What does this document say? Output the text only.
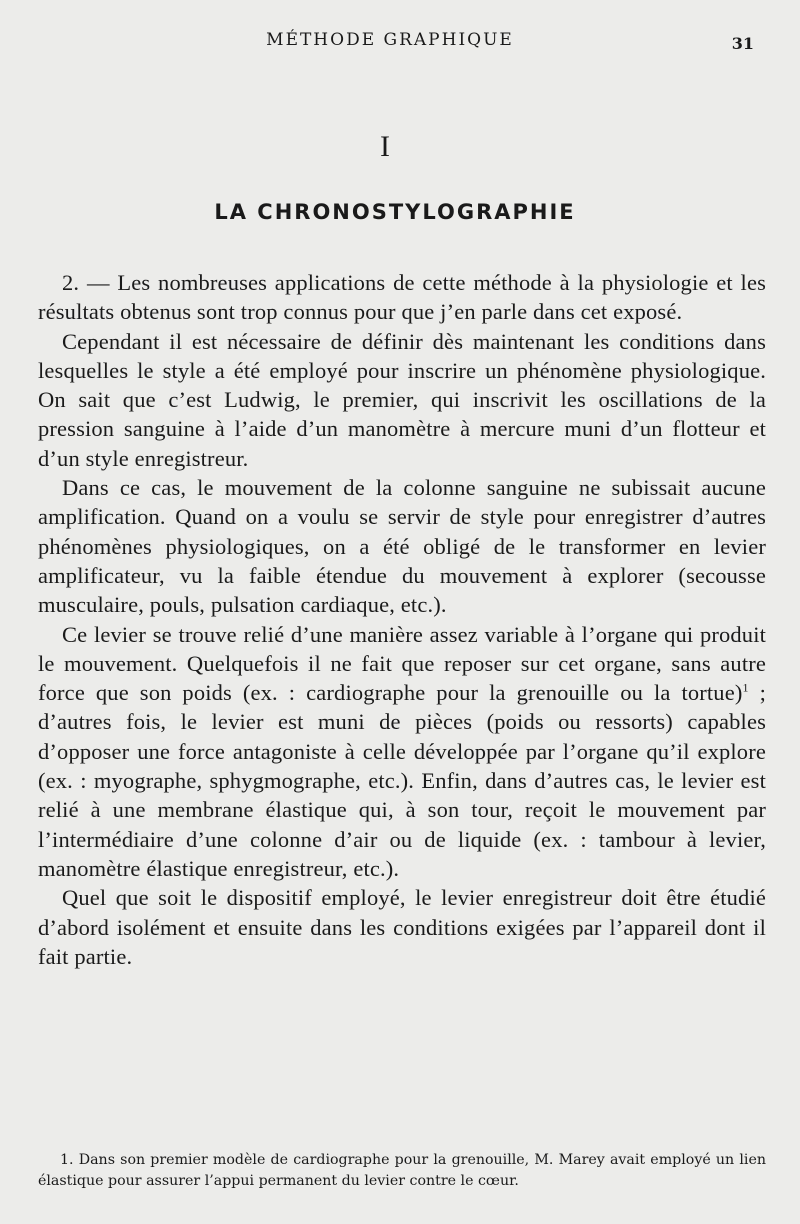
MÉTHODE GRAPHIQUE	31
I
LA CHRONOSTYLOGRAPHIE

2. — Les nombreuses applications de cette méthode à la physiologie et les résultats obtenus sont trop connus pour que j’en parle dans cet exposé.

Cependant il est nécessaire de définir dès maintenant les conditions dans lesquelles le style a été employé pour inscrire un phénomène physiologique. On sait que c’est Ludwig, le premier, qui inscrivit les oscillations de la pression sanguine à l’aide d’un manomètre à mercure muni d’un flotteur et d’un style enregistreur.

Dans ce cas, le mouvement de la colonne sanguine ne subissait aucune amplification. Quand on a voulu se servir de style pour enregistrer d’autres phénomènes physiologiques, on a été obligé de le transformer en levier amplificateur, vu la faible étendue du mouvement à explorer (secousse musculaire, pouls, pulsation cardiaque, etc.).

Ce levier se trouve relié d’une manière assez variable à l’organe qui produit le mouvement. Quelquefois il ne fait que reposer sur cet organe, sans autre force que son poids (ex. : cardiographe pour la grenouille ou la tortue)$^1$ ; d’autres fois, le levier est muni de pièces (poids ou ressorts) capables d’opposer une force antagoniste à celle développée par l’organe qu’il explore (ex. : myographe, sphygmographe, etc.). Enfin, dans d’autres cas, le levier est relié à une membrane élastique qui, à son tour, reçoit le mouvement par l’intermédiaire d’une colonne d’air ou de liquide (ex. : tambour à levier, manomètre élastique enregistreur, etc.).

Quel que soit le dispositif employé, le levier enregistreur doit être étudié d’abord isolément et ensuite dans les conditions exigées par l’appareil dont il fait partie.

1. Dans son premier modèle de cardiographe pour la grenouille, M. Marey avait employé un lien élastique pour assurer l’appui permanent du levier contre le cœur.
